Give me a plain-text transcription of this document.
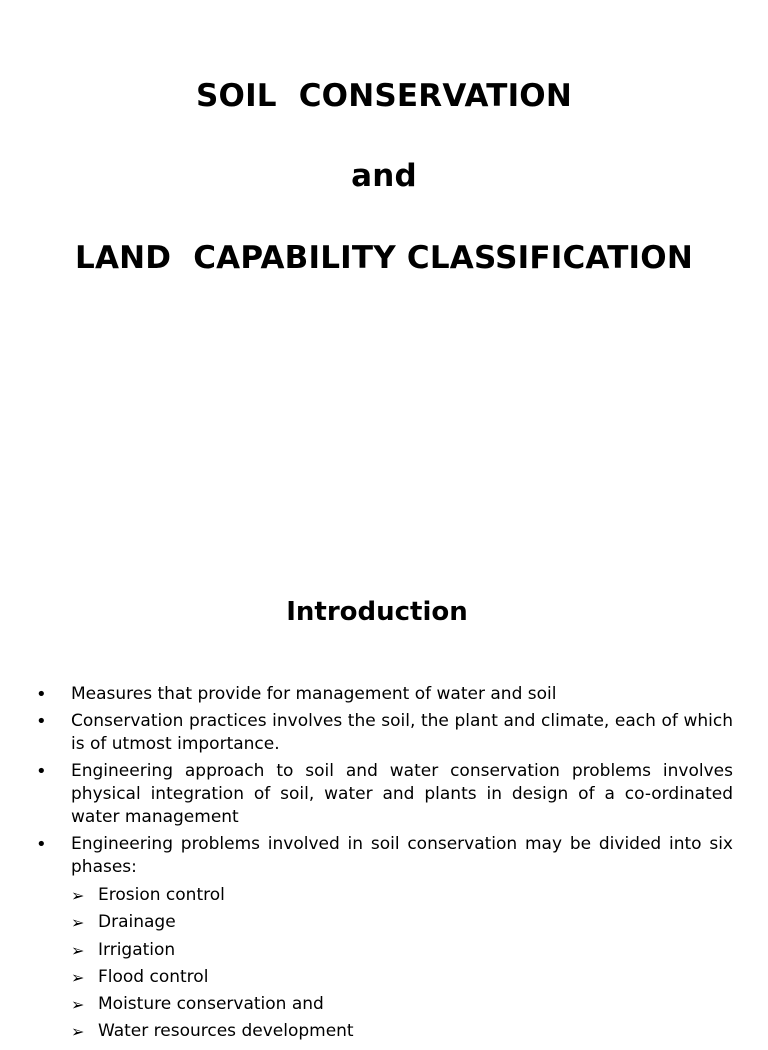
SOIL  CONSERVATION
and
LAND  CAPABILITY CLASSIFICATION
Introduction
• Measures that provide for management of water and soil
• Conservation practices involves the soil, the plant and climate, each of which is of utmost importance.
• Engineering approach to soil and water conservation problems involves physical integration of soil, water and plants in design of a co-ordinated water management
• Engineering problems involved in soil conservation may be divided into six phases:
➢ Erosion control
➢ Drainage
➢ Irrigation
➢ Flood control
➢ Moisture conservation and
➢ Water resources development
